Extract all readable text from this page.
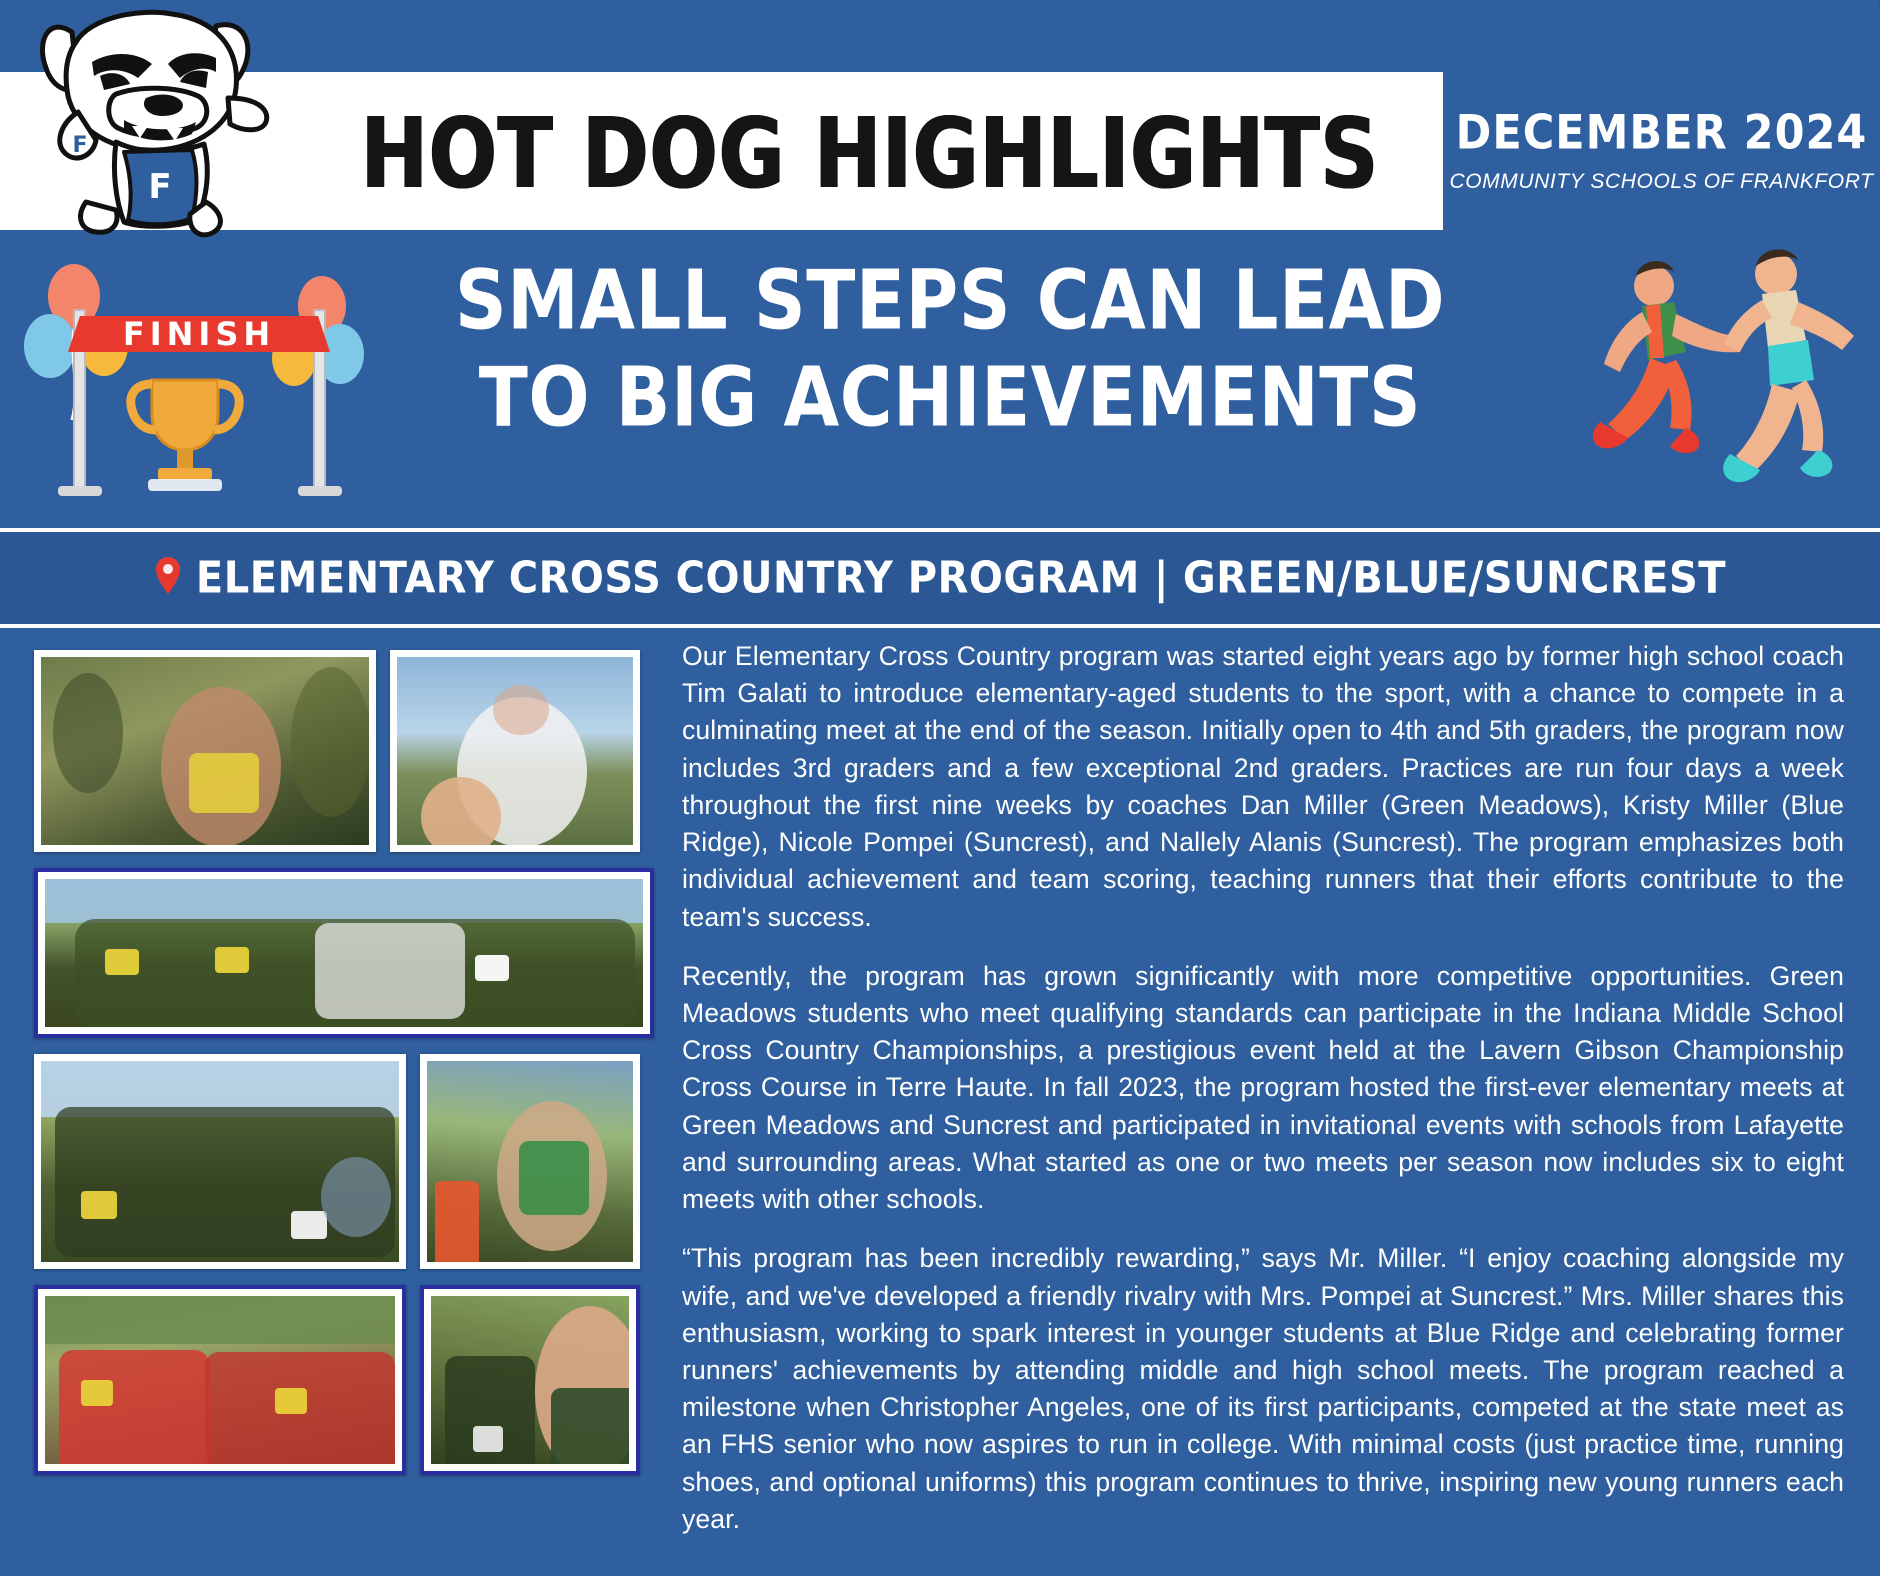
HOT DOG HIGHLIGHTS	DECEMBER 2024
COMMUNITY SCHOOLS OF FRANKFORT
F
F
FINISH	SMALL STEPS CAN LEAD
TO BIG ACHIEVEMENTS
ELEMENTARY CROSS COUNTRY PROGRAM | GREEN/BLUE/SUNCREST

Our Elementary Cross Country program was started eight years ago by former high school coach Tim Galati to introduce elementary-aged students to the sport, with a chance to compete in a culminating meet at the end of the season. Initially open to 4th and 5th graders, the program now includes 3rd graders and a few exceptional 2nd graders. Practices are run four days a week throughout the first nine weeks by coaches Dan Miller (Green Meadows), Kristy Miller (Blue Ridge), Nicole Pompei (Suncrest), and Nallely Alanis (Suncrest). The program emphasizes both individual achievement and team scoring, teaching runners that their efforts contribute to the team's success.

Recently, the program has grown significantly with more competitive opportunities. Green Meadows students who meet qualifying standards can participate in the Indiana Middle School Cross Country Championships, a prestigious event held at the Lavern Gibson Championship Cross Course in Terre Haute. In fall 2023, the program hosted the first-ever elementary meets at Green Meadows and Suncrest and participated in invitational events with schools from Lafayette and surrounding areas. What started as one or two meets per season now includes six to eight meets with other schools.

“This program has been incredibly rewarding,” says Mr. Miller. “I enjoy coaching alongside my wife, and we've developed a friendly rivalry with Mrs. Pompei at Suncrest.” Mrs. Miller shares this enthusiasm, working to spark interest in younger students at Blue Ridge and celebrating former runners' achievements by attending middle and high school meets. The program reached a milestone when Christopher Angeles, one of its first participants, competed at the state meet as an FHS senior who now aspires to run in college. With minimal costs (just practice time, running shoes, and optional uniforms) this program continues to thrive, inspiring new young runners each year.
